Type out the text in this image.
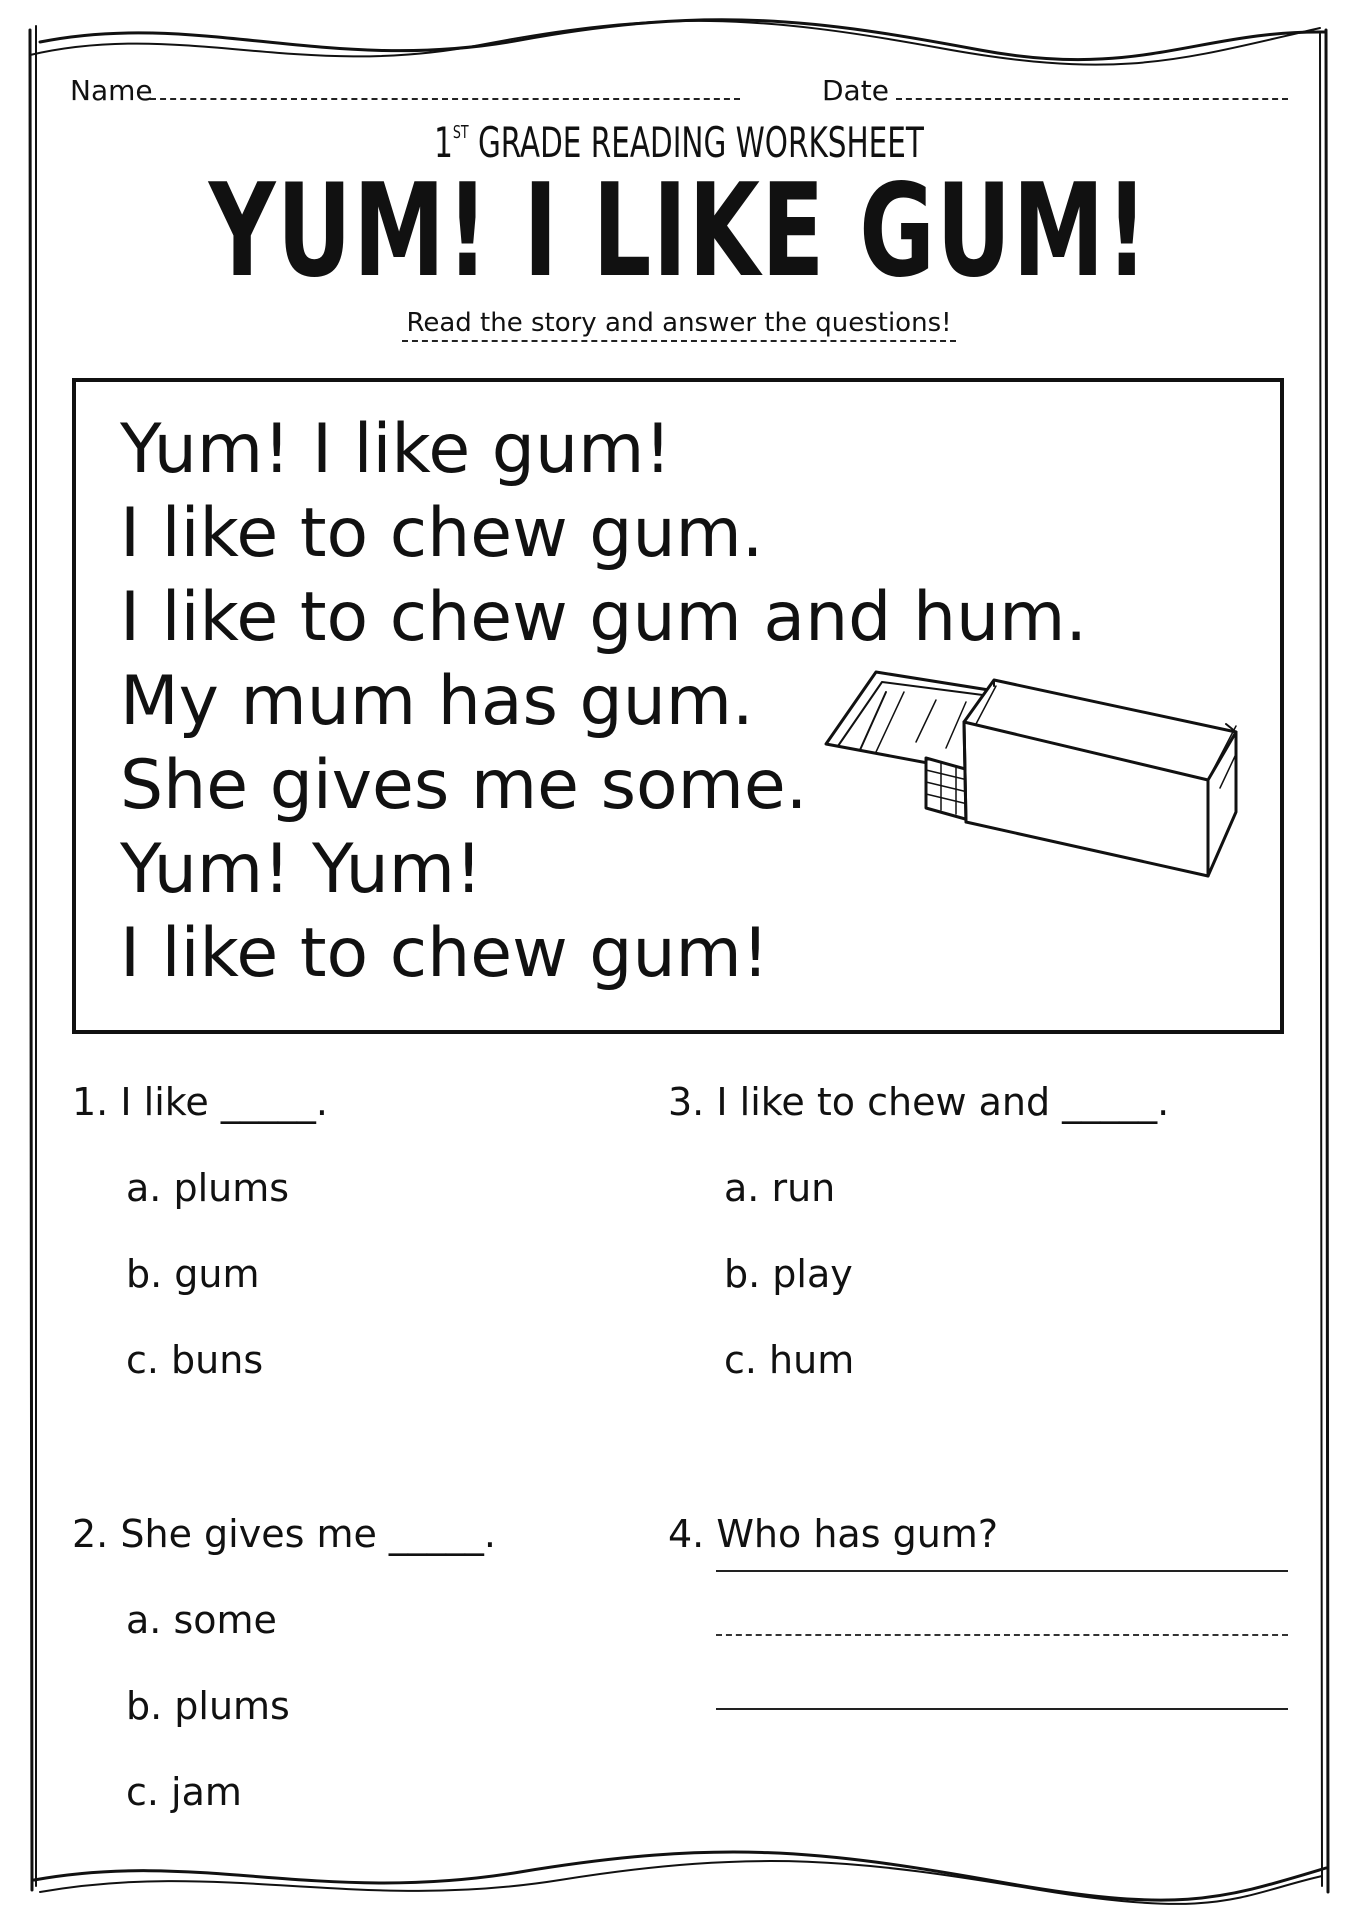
Name	Date
1ST GRADE READING WORKSHEET
YUM! I LIKE GUM!
Read the story and answer the questions!
Yum! I like gum!
I like to chew gum.
I like to chew gum and hum.
My mum has gum.
She gives me some.
Yum! Yum!
I like to chew gum!
1. I like _____.
a. plums
b. gum
c. buns
2. She gives me _____.
a. some
b. plums
c. jam
3. I like to chew and _____.
a. run
b. play
c. hum
4. Who has gum?
